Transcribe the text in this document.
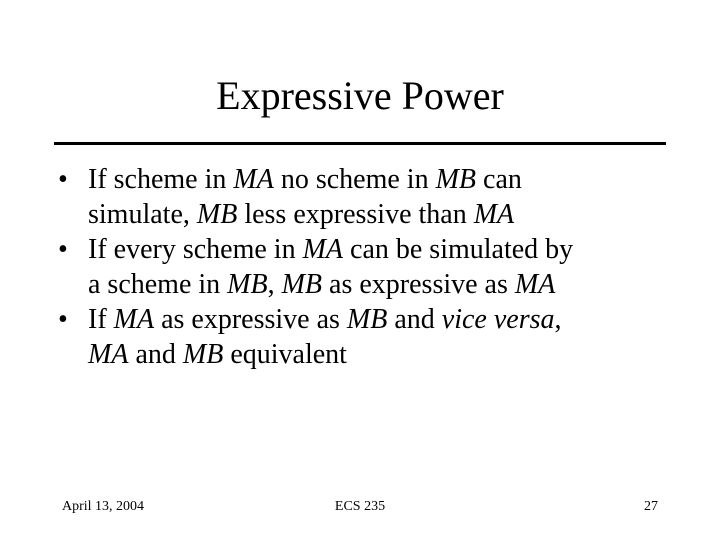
Expressive Power
• If scheme in MA no scheme in MB can
simulate, MB less expressive than MA
• If every scheme in MA can be simulated by
a scheme in MB, MB as expressive as MA
• If MA as expressive as MB and vice versa,
MA and MB equivalent
April 13, 2004	ECS 235	27
